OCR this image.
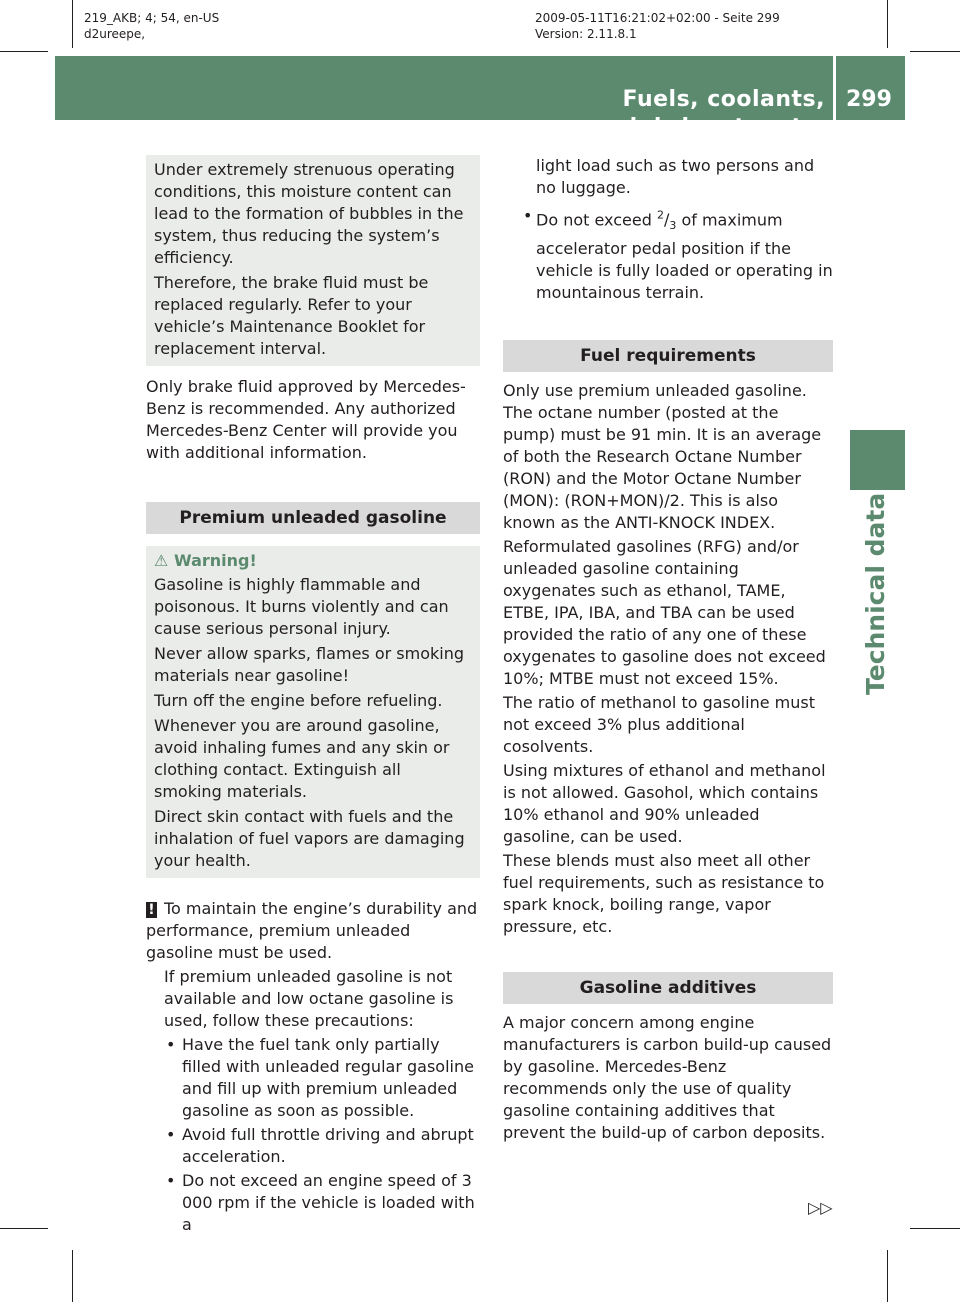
219_AKB; 4; 54, en-US
d2ureepe,
2009-05-11T16:21:02+02:00 - Seite 299
Version: 2.11.8.1
Fuels, coolants, lubricants, etc.
299
Technical data

Under extremely strenuous operating conditions, this moisture content can lead to the formation of bubbles in the system, thus reducing the system’s efficiency.

Therefore, the brake fluid must be replaced regularly. Refer to your vehicle’s Maintenance Booklet for replacement interval.

Only brake fluid approved by Mercedes-Benz is recommended. Any authorized Mercedes-Benz Center will provide you with additional information.

Premium unleaded gasoline
⚠ Warning!

Gasoline is highly flammable and poisonous. It burns violently and can cause serious personal injury.

Never allow sparks, flames or smoking materials near gasoline!

Turn off the engine before refueling.

Whenever you are around gasoline, avoid inhaling fumes and any skin or clothing contact. Extinguish all smoking materials.

Direct skin contact with fuels and the inhalation of fuel vapors are damaging your health.

! To maintain the engine’s durability and performance, premium unleaded gasoline must be used.

If premium unleaded gasoline is not available and low octane gasoline is used, follow these precautions:

• Have the fuel tank only partially filled with unleaded regular gasoline and fill up with premium unleaded gasoline as soon as possible.

• Avoid full throttle driving and abrupt acceleration.

• Do not exceed an engine speed of 3 000 rpm if the vehicle is loaded with a

light load such as two persons and no luggage.

• Do not exceed $^2/_3$ of maximum accelerator pedal position if the vehicle is fully loaded or operating in mountainous terrain.

Fuel requirements

Only use premium unleaded gasoline. The octane number (posted at the pump) must be 91 min. It is an average of both the Research Octane Number (RON) and the Motor Octane Number (MON): (RON+MON)/2. This is also known as the ANTI-KNOCK INDEX.

Reformulated gasolines (RFG) and/or unleaded gasoline containing oxygenates such as ethanol, TAME, ETBE, IPA, IBA, and TBA can be used provided the ratio of any one of these oxygenates to gasoline does not exceed 10%; MTBE must not exceed 15%.

The ratio of methanol to gasoline must not exceed 3% plus additional cosolvents.

Using mixtures of ethanol and methanol is not allowed. Gasohol, which contains 10% ethanol and 90% unleaded gasoline, can be used.

These blends must also meet all other fuel requirements, such as resistance to spark knock, boiling range, vapor pressure, etc.

Gasoline additives

A major concern among engine manufacturers is carbon build-up caused by gasoline. Mercedes-Benz recommends only the use of quality gasoline containing additives that prevent the build-up of carbon deposits.

▷▷
